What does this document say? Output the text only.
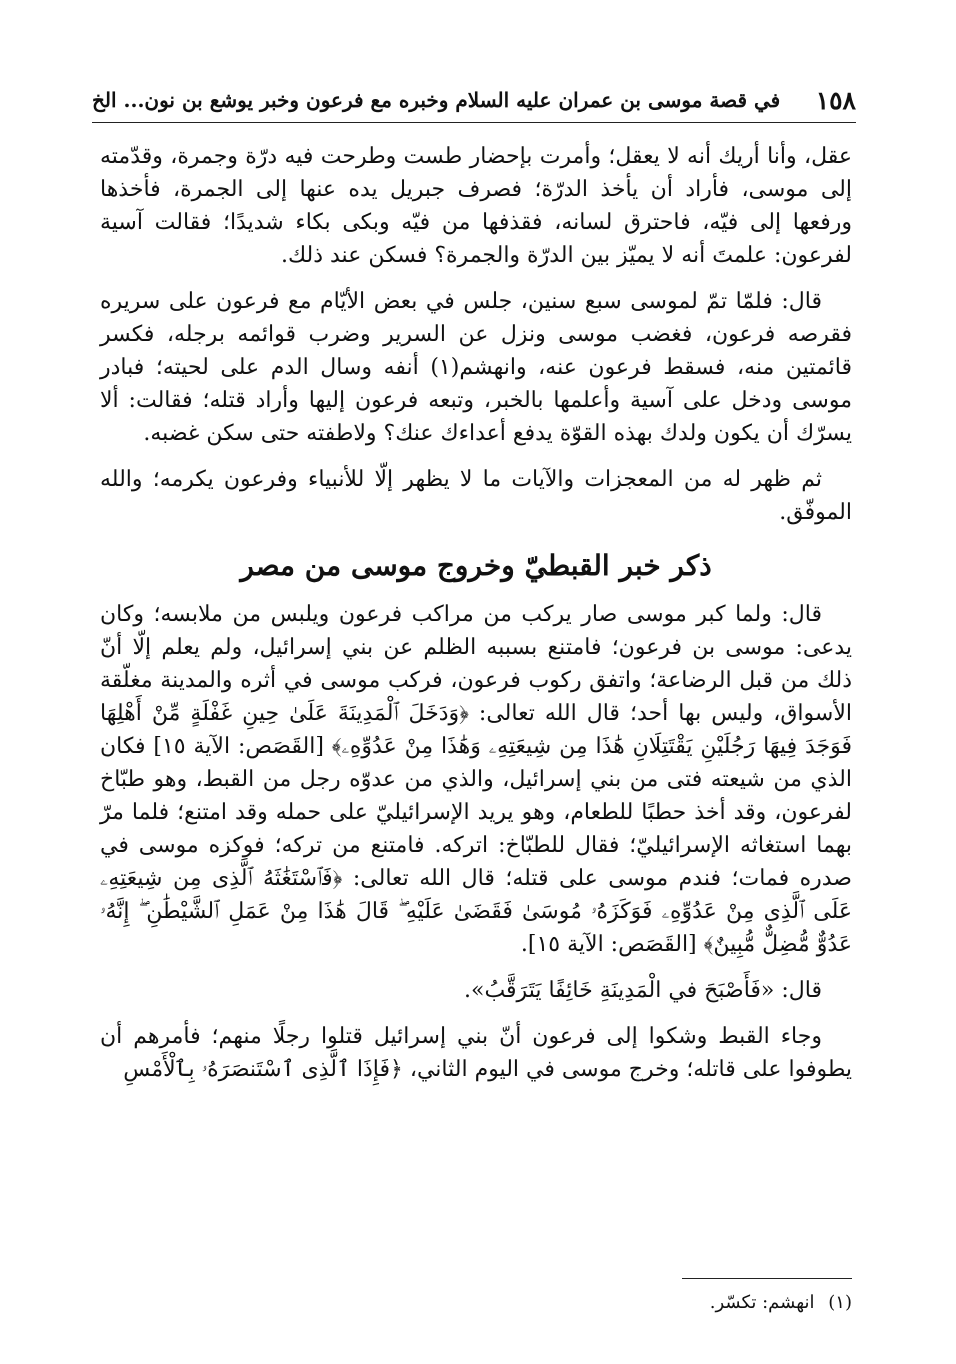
١٥٨
في قصة موسى بن عمران عليه السلام وخبره مع فرعون وخبر يوشع بن نون... الخ

عقل، وأنا أريك أنه لا يعقل؛ وأمرت بإحضار طست وطرحت فيه درّة وجمرة، وقدّمته إلى موسى، فأراد أن يأخذ الدرّة؛ فصرف جبريل يده عنها إلى الجمرة، فأخذها ورفعها إلى فيّه، فاحترق لسانه، فقذفها من فيّه وبكى بكاء شديدًا؛ فقالت آسية لفرعون: علمتَ أنه لا يميّز بين الدرّة والجمرة؟ فسكن عند ذلك.

قال: فلمّا تمّ لموسى سبع سنين، جلس في بعض الأيّام مع فرعون على سريره فقرصه فرعون، فغضب موسى ونزل عن السرير وضرب قوائمه برجله، فكسر قائمتين منه، فسقط فرعون عنه، وانهشم(١) أنفه وسال الدم على لحيته؛ فبادر موسى ودخل على آسية وأعلمها بالخبر، وتبعه فرعون إليها وأراد قتله؛ فقالت: ألا يسرّك أن يكون ولدك بهذه القوّة يدفع أعداءك عنك؟ ولاطفته حتى سكن غضبه.

ثم ظهر له من المعجزات والآيات ما لا يظهر إلّا للأنبياء وفرعون يكرمه؛ والله الموفّق.

ذكر خبر القبطيّ وخروج موسى من مصر

قال: ولما كبر موسى صار يركب من مراكب فرعون ويلبس من ملابسه؛ وكان يدعى: موسى بن فرعون؛ فامتنع بسببه الظلم عن بني إسرائيل، ولم يعلم إلّا أنّ ذلك من قبل الرضاعة؛ واتفق ركوب فرعون، فركب موسى في أثره والمدينة مغلّقة الأسواق، وليس بها أحد؛ قال الله تعالى: ﴿وَدَخَلَ ٱلْمَدِينَةَ عَلَىٰ حِينِ غَفْلَةٍ مِّنْ أَهْلِهَا فَوَجَدَ فِيهَا رَجُلَيْنِ يَقْتَتِلَانِ هَٰذَا مِن شِيعَتِهِۦ وَهَٰذَا مِنْ عَدُوِّهِۦ﴾ [القَصَص: الآية ١٥] فكان الذي من شيعته فتى من بني إسرائيل، والذي من عدوّه رجل من القبط، وهو طبّاخ لفرعون، وقد أخذ حطبًا للطعام، وهو يريد الإسرائيليّ على حمله وقد امتنع؛ فلما مرّ بهما استغاثه الإسرائيليّ؛ فقال للطبّاخ: اتركه. فامتنع من تركه؛ فوكزه موسى في صدره فمات؛ فندم موسى على قتله؛ قال الله تعالى: ﴿فَٱسْتَغَٰثَهُ ٱلَّذِى مِن شِيعَتِهِۦ عَلَى ٱلَّذِى مِنْ عَدُوِّهِۦ فَوَكَزَهُۥ مُوسَىٰ فَقَضَىٰ عَلَيْهِ ۖ قَالَ هَٰذَا مِنْ عَمَلِ ٱلشَّيْطَٰنِ ۖ إِنَّهُۥ عَدُوٌّ مُّضِلٌّ مُّبِينٌ﴾ [القَصَص: الآية ١٥].

قال: «فَأَصْبَحَ في الْمَدِينَةِ خَائِفًا يَتَرَقَّبُ».

وجاء القبط وشكوا إلى فرعون أنّ بني إسرائيل قتلوا رجلًا منهم؛ فأمرهم أن يطوفوا على قاتله؛ وخرج موسى في اليوم الثاني، ﴿فَإِذَا ٱلَّذِى ٱسْتَنصَرَهُۥ بِٱلْأَمْسِ

(١) انهشم: تكسّر.
